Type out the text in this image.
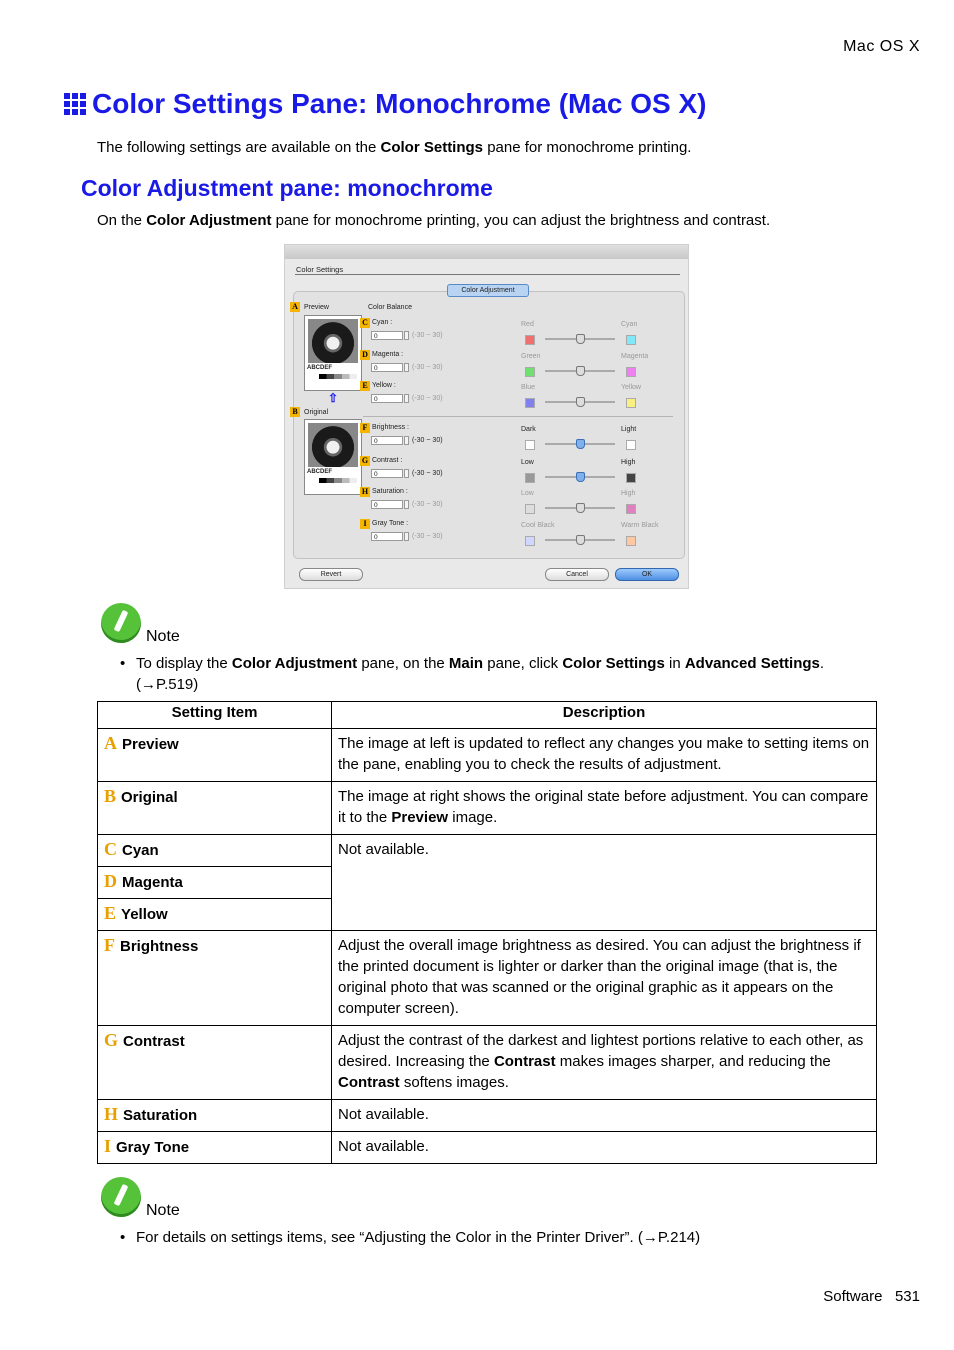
Mac OS X
Color Settings Pane: Monochrome (Mac OS X)

The following settings are available on the Color Settings pane for monochrome printing.

Color Adjustment pane: monochrome

On the Color Adjustment pane for monochrome printing, you can adjust the brightness and contrast.

Color Settings
Color Adjustment
A Preview
ABCDEF
⇧
B Original
ABCDEF
Color Balance
C Cyan :
0	(-30 ~ 30)
Red	Cyan
D Magenta :
0	(-30 ~ 30)
Green	Magenta
E Yellow :
0	(-30 ~ 30)
Blue	Yellow
F Brightness :
0	(-30 ~ 30)
Dark	Light
G Contrast :
0	(-30 ~ 30)
Low	High
H Saturation :
0	(-30 ~ 30)
Low	High
I Gray Tone :
0	(-30 ~ 30)
Cool Black	Warm Black
Revert	Cancel	OK
Note
• To display the Color Adjustment pane, on the Main pane, click Color Settings in Advanced Settings.
(→P.519)
Setting Item	Description
A Preview	The image at left is updated to reflect any changes you make to setting items on the pane, enabling you to check the results of adjustment.
B Original	The image at right shows the original state before adjustment. You can compare it to the Preview image.
C Cyan	Not available.
D Magenta	
E Yellow	
F Brightness	Adjust the overall image brightness as desired. You can adjust the brightness if the printed document is lighter or darker than the original image (that is, the original photo that was scanned or the original graphic as it appears on the computer screen).
G Contrast	Adjust the contrast of the darkest and lightest portions relative to each other, as desired. Increasing the Contrast makes images sharper, and reducing the Contrast softens images.
H Saturation	Not available.
I Gray Tone	Not available.
Note
• For details on settings items, see “Adjusting the Color in the Printer Driver”. (→P.214)
Software 531
